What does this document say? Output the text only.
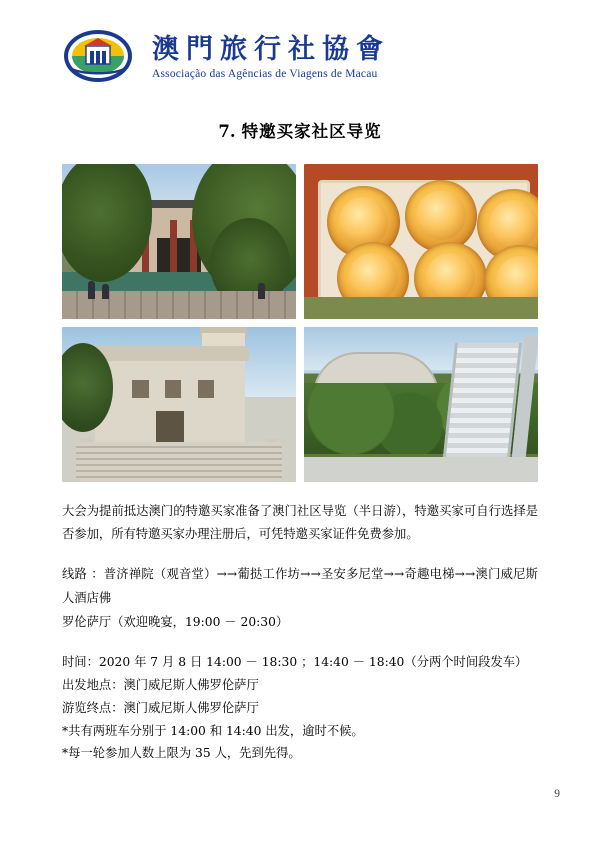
澳門旅行社協會
Associação das Agências de Viagens de Macau
7. 特邀买家社区导览

大会为提前抵达澳门的特邀买家准备了澳门社区导览（半日游），特邀买家可自行选择是否参加，所有特邀买家办理注册后，可凭特邀买家证件免费参加。

线路 ：普济禅院（观音堂）→→葡挞工作坊→→圣安多尼堂→→奇趣电梯→→澳门威尼斯人酒店佛
罗伦萨厅（欢迎晚宴，19:00 － 20:30）
时间：2020 年 7 月 8 日 14:00 － 18:30 ；14:40 － 18:40（分两个时间段发车）
出发地点：澳门威尼斯人佛罗伦萨厅
游览终点：澳门威尼斯人佛罗伦萨厅
*共有两班车分别于 14:00 和 14:40 出发，逾时不候。
*每一轮参加人数上限为 35 人，先到先得。
9
